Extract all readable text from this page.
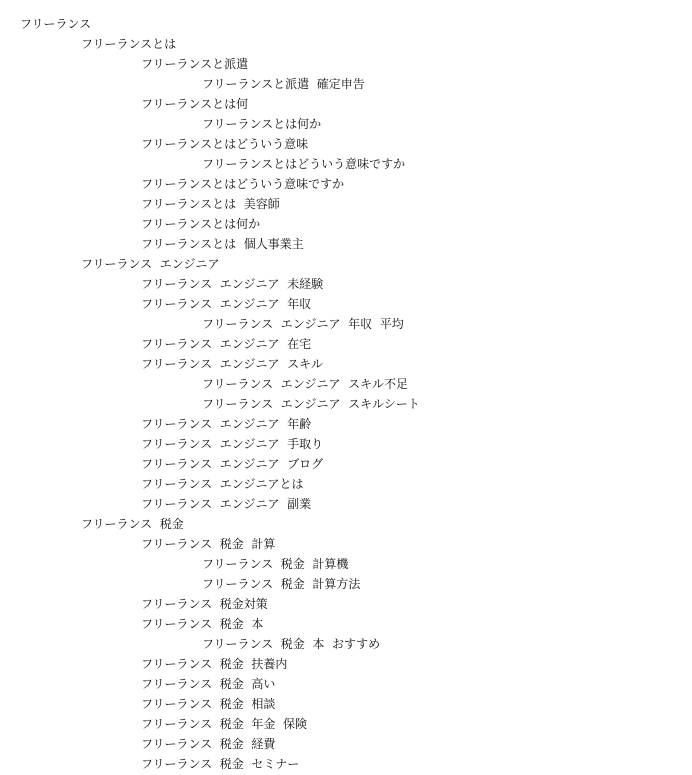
フリーランス
フリーランスとは
フリーランスと派遣
フリーランスと派遣  確定申告
フリーランスとは何
フリーランスとは何か
フリーランスとはどういう意味
フリーランスとはどういう意味ですか
フリーランスとはどういう意味ですか
フリーランスとは  美容師
フリーランスとは何か
フリーランスとは  個人事業主
フリーランス  エンジニア
フリーランス  エンジニア  未経験
フリーランス  エンジニア  年収
フリーランス  エンジニア  年収  平均
フリーランス  エンジニア  在宅
フリーランス  エンジニア  スキル
フリーランス  エンジニア  スキル不足
フリーランス  エンジニア  スキルシート
フリーランス  エンジニア  年齢
フリーランス  エンジニア  手取り
フリーランス  エンジニア  ブログ
フリーランス  エンジニアとは
フリーランス  エンジニア  副業
フリーランス  税金
フリーランス  税金  計算
フリーランス  税金  計算機
フリーランス  税金  計算方法
フリーランス  税金対策
フリーランス  税金  本
フリーランス  税金  本  おすすめ
フリーランス  税金  扶養内
フリーランス  税金  高い
フリーランス  税金  相談
フリーランス  税金  年金  保険
フリーランス  税金  経費
フリーランス  税金  セミナー
